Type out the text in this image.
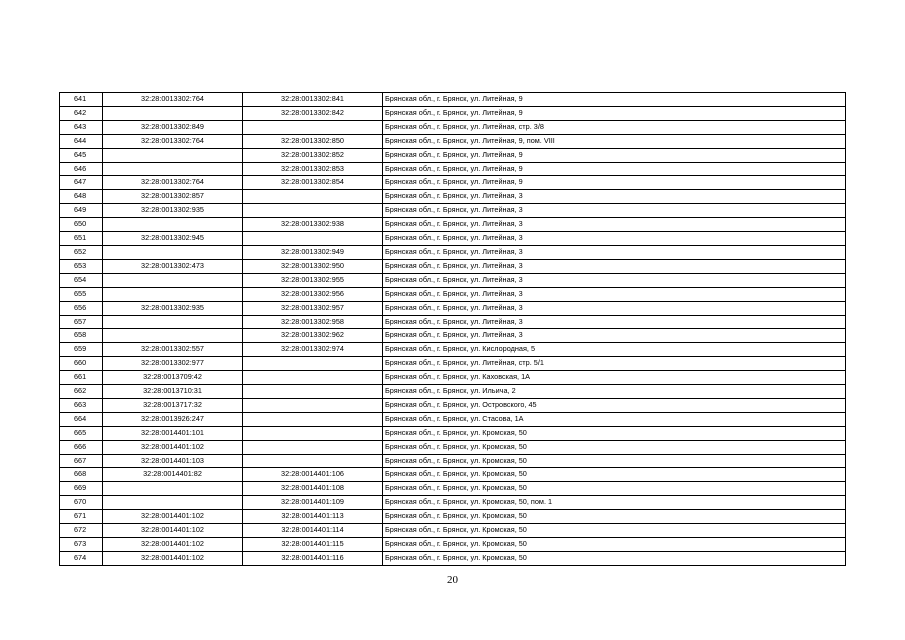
641	32:28:0013302:764	32:28:0013302:841	Брянская обл., г. Брянск, ул. Литейная, 9
642		32:28:0013302:842	Брянская обл., г. Брянск, ул. Литейная, 9
643	32:28:0013302:849		Брянская обл., г. Брянск, ул. Литейная, стр. 3/8
644	32:28:0013302:764	32:28:0013302:850	Брянская обл., г. Брянск, ул. Литейная, 9, пом. VIII
645		32:28:0013302:852	Брянская обл., г. Брянск, ул. Литейная, 9
646		32:28:0013302:853	Брянская обл., г. Брянск, ул. Литейная, 9
647	32:28:0013302:764	32:28:0013302:854	Брянская обл., г. Брянск, ул. Литейная, 9
648	32:28:0013302:857		Брянская обл., г. Брянск, ул. Литейная, 3
649	32:28:0013302:935		Брянская обл., г. Брянск, ул. Литейная, 3
650		32:28:0013302:938	Брянская обл., г. Брянск, ул. Литейная, 3
651	32:28:0013302:945		Брянская обл., г. Брянск, ул. Литейная, 3
652		32:28:0013302:949	Брянская обл., г. Брянск, ул. Литейная, 3
653	32:28:0013302:473	32:28:0013302:950	Брянская обл., г. Брянск, ул. Литейная, 3
654		32:28:0013302:955	Брянская обл., г. Брянск, ул. Литейная, 3
655		32:28:0013302:956	Брянская обл., г. Брянск, ул. Литейная, 3
656	32:28:0013302:935	32:28:0013302:957	Брянская обл., г. Брянск, ул. Литейная, 3
657		32:28:0013302:958	Брянская обл., г. Брянск, ул. Литейная, 3
658		32:28:0013302:962	Брянская обл., г. Брянск, ул. Литейная, 3
659	32:28:0013302:557	32:28:0013302:974	Брянская обл., г. Брянск, ул. Кислородная, 5
660	32:28:0013302:977		Брянская обл., г. Брянск, ул. Литейная, стр. 5/1
661	32:28:0013709:42		Брянская обл., г. Брянск, ул. Каховская, 1А
662	32:28:0013710:31		Брянская обл., г. Брянск, ул. Ильича, 2
663	32:28:0013717:32		Брянская обл., г. Брянск, ул. Островского, 45
664	32:28:0013926:247		Брянская обл., г. Брянск, ул. Стасова, 1А
665	32:28:0014401:101		Брянская обл., г. Брянск, ул. Кромская, 50
666	32:28:0014401:102		Брянская обл., г. Брянск, ул. Кромская, 50
667	32:28:0014401:103		Брянская обл., г. Брянск, ул. Кромская, 50
668	32:28:0014401:82	32:28:0014401:106	Брянская обл., г. Брянск, ул. Кромская, 50
669		32:28:0014401:108	Брянская обл., г. Брянск, ул. Кромская, 50
670		32:28:0014401:109	Брянская обл., г. Брянск, ул. Кромская, 50, пом. 1
671	32:28:0014401:102	32:28:0014401:113	Брянская обл., г. Брянск, ул. Кромская, 50
672	32:28:0014401:102	32:28:0014401:114	Брянская обл., г. Брянск, ул. Кромская, 50
673	32:28:0014401:102	32:28:0014401:115	Брянская обл., г. Брянск, ул. Кромская, 50
674	32:28:0014401:102	32:28:0014401:116	Брянская обл., г. Брянск, ул. Кромская, 50
20
